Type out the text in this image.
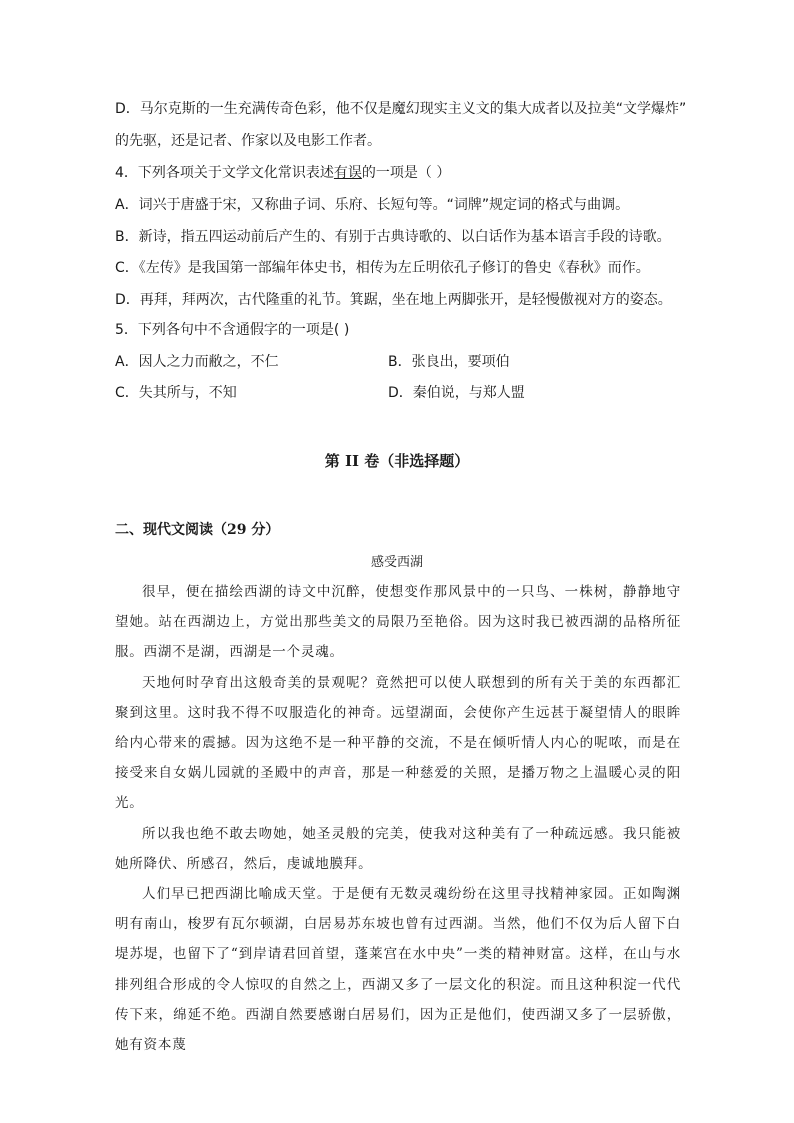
D．马尔克斯的一生充满传奇色彩，他不仅是魔幻现实主义文的集大成者以及拉美“文学爆炸”
的先驱，还是记者、作家以及电影工作者。
4．下列各项关于文学文化常识表述有误的一项是（ ）
A．词兴于唐盛于宋，又称曲子词、乐府、长短句等。“词牌”规定词的格式与曲调。
B．新诗，指五四运动前后产生的、有别于古典诗歌的、以白话作为基本语言手段的诗歌。
C．《左传》是我国第一部编年体史书，相传为左丘明依孔子修订的鲁史《春秋》而作。
D．再拜，拜两次，古代隆重的礼节。箕踞，坐在地上两脚张开，是轻慢傲视对方的姿态。
5．下列各句中不含通假字的一项是( )
A．因人之力而敝之，不仁	B．张良出，要项伯
C．失其所与，不知	D．秦伯说，与郑人盟
第 II 卷（非选择题）
二、现代文阅读（29 分）
感受西湖

很早，便在描绘西湖的诗文中沉醉，使想变作那风景中的一只鸟、一株树，静静地守望她。站在西湖边上，方觉出那些美文的局限乃至艳俗。因为这时我已被西湖的品格所征服。西湖不是湖，西湖是一个灵魂。

天地何时孕育出这般奇美的景观呢？竟然把可以使人联想到的所有关于美的东西都汇聚到这里。这时我不得不叹服造化的神奇。远望湖面，会使你产生远甚于凝望情人的眼眸给内心带来的震撼。因为这绝不是一种平静的交流，不是在倾听情人内心的呢哝，而是在接受来自女娲儿园就的圣殿中的声音，那是一种慈爱的关照，是播万物之上温暖心灵的阳光。

所以我也绝不敢去吻她，她圣灵般的完美，使我对这种美有了一种疏远感。我只能被她所降伏、所感召，然后，虔诚地膜拜。

人们早已把西湖比喻成天堂。于是便有无数灵魂纷纷在这里寻找精神家园。正如陶渊明有南山，梭罗有瓦尔顿湖，白居易苏东坡也曾有过西湖。当然，他们不仅为后人留下白堤苏堤，也留下了“到岸请君回首望，蓬莱宫在水中央”一类的精神财富。这样，在山与水排列组合形成的令人惊叹的自然之上，西湖又多了一层文化的积淀。而且这种积淀一代代传下来，绵延不绝。西湖自然要感谢白居易们，因为正是他们，使西湖又多了一层骄傲，她有资本蔑
